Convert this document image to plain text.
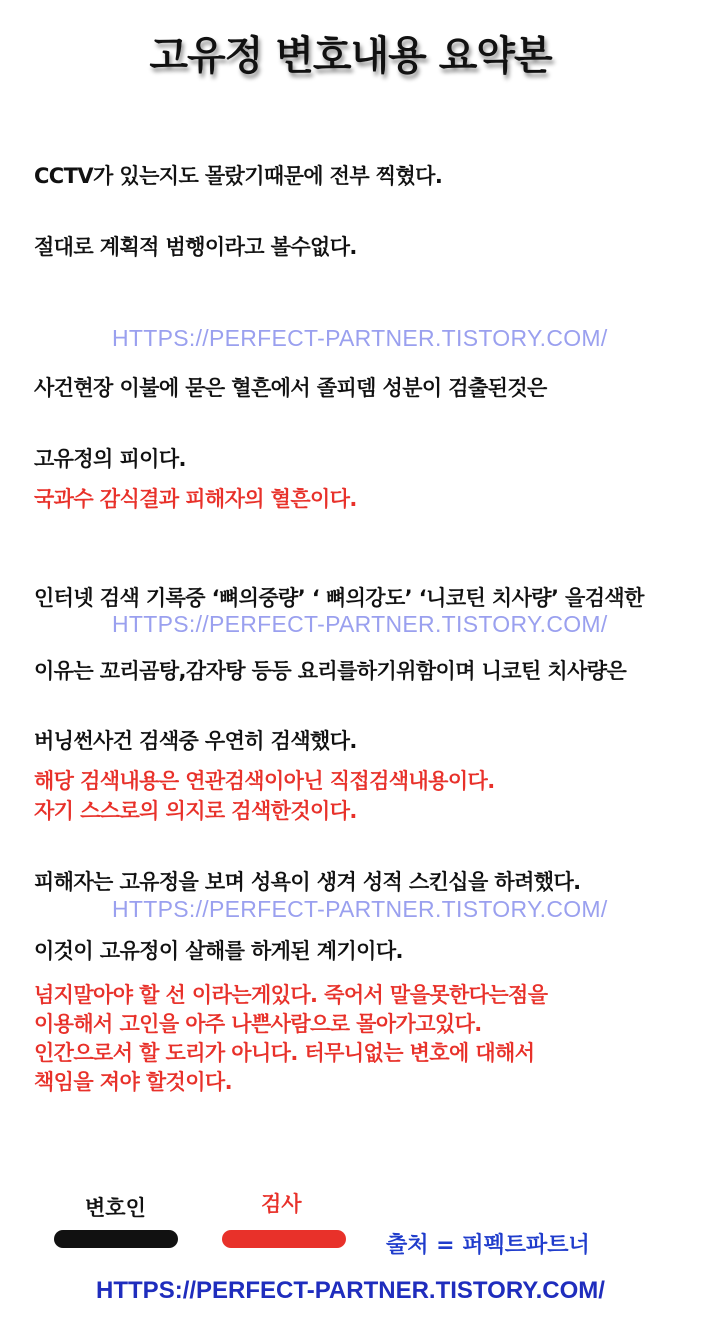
고유정 변호내용 요약본
CCTV가 있는지도 몰랐기때문에 전부 찍혔다.
절대로 계획적 범행이라고 볼수없다.
HTTPS://PERFECT-PARTNER.TISTORY.COM/
사건현장 이불에 묻은 혈흔에서 졸피뎀 성분이 검출된것은
고유정의 피이다.
국과수 감식결과 피해자의 혈흔이다.
인터넷 검색 기록중 ‘뼈의중량’ ‘ 뼈의강도’ ‘니코틴 치사량’ 을검색한
HTTPS://PERFECT-PARTNER.TISTORY.COM/
이유는 꼬리곰탕,감자탕 등등 요리를하기위함이며 니코틴 치사량은
버닝썬사건 검색중 우연히 검색했다.
해당 검색내용은 연관검색이아닌 직접검색내용이다.
자기 스스로의 의지로 검색한것이다.
피해자는 고유정을 보며 성욕이 생겨 성적 스킨십을 하려했다.
HTTPS://PERFECT-PARTNER.TISTORY.COM/
이것이 고유정이 살해를 하게된 계기이다.
넘지말아야 할 선 이라는게있다. 죽어서 말을못한다는점을
이용해서 고인을 아주 나쁜사람으로 몰아가고있다.
인간으로서 할 도리가 아니다. 터무니없는 변호에 대해서
책임을 져야 할것이다.
변호인	검사
출처 = 퍼펙트파트너
HTTPS://PERFECT-PARTNER.TISTORY.COM/
